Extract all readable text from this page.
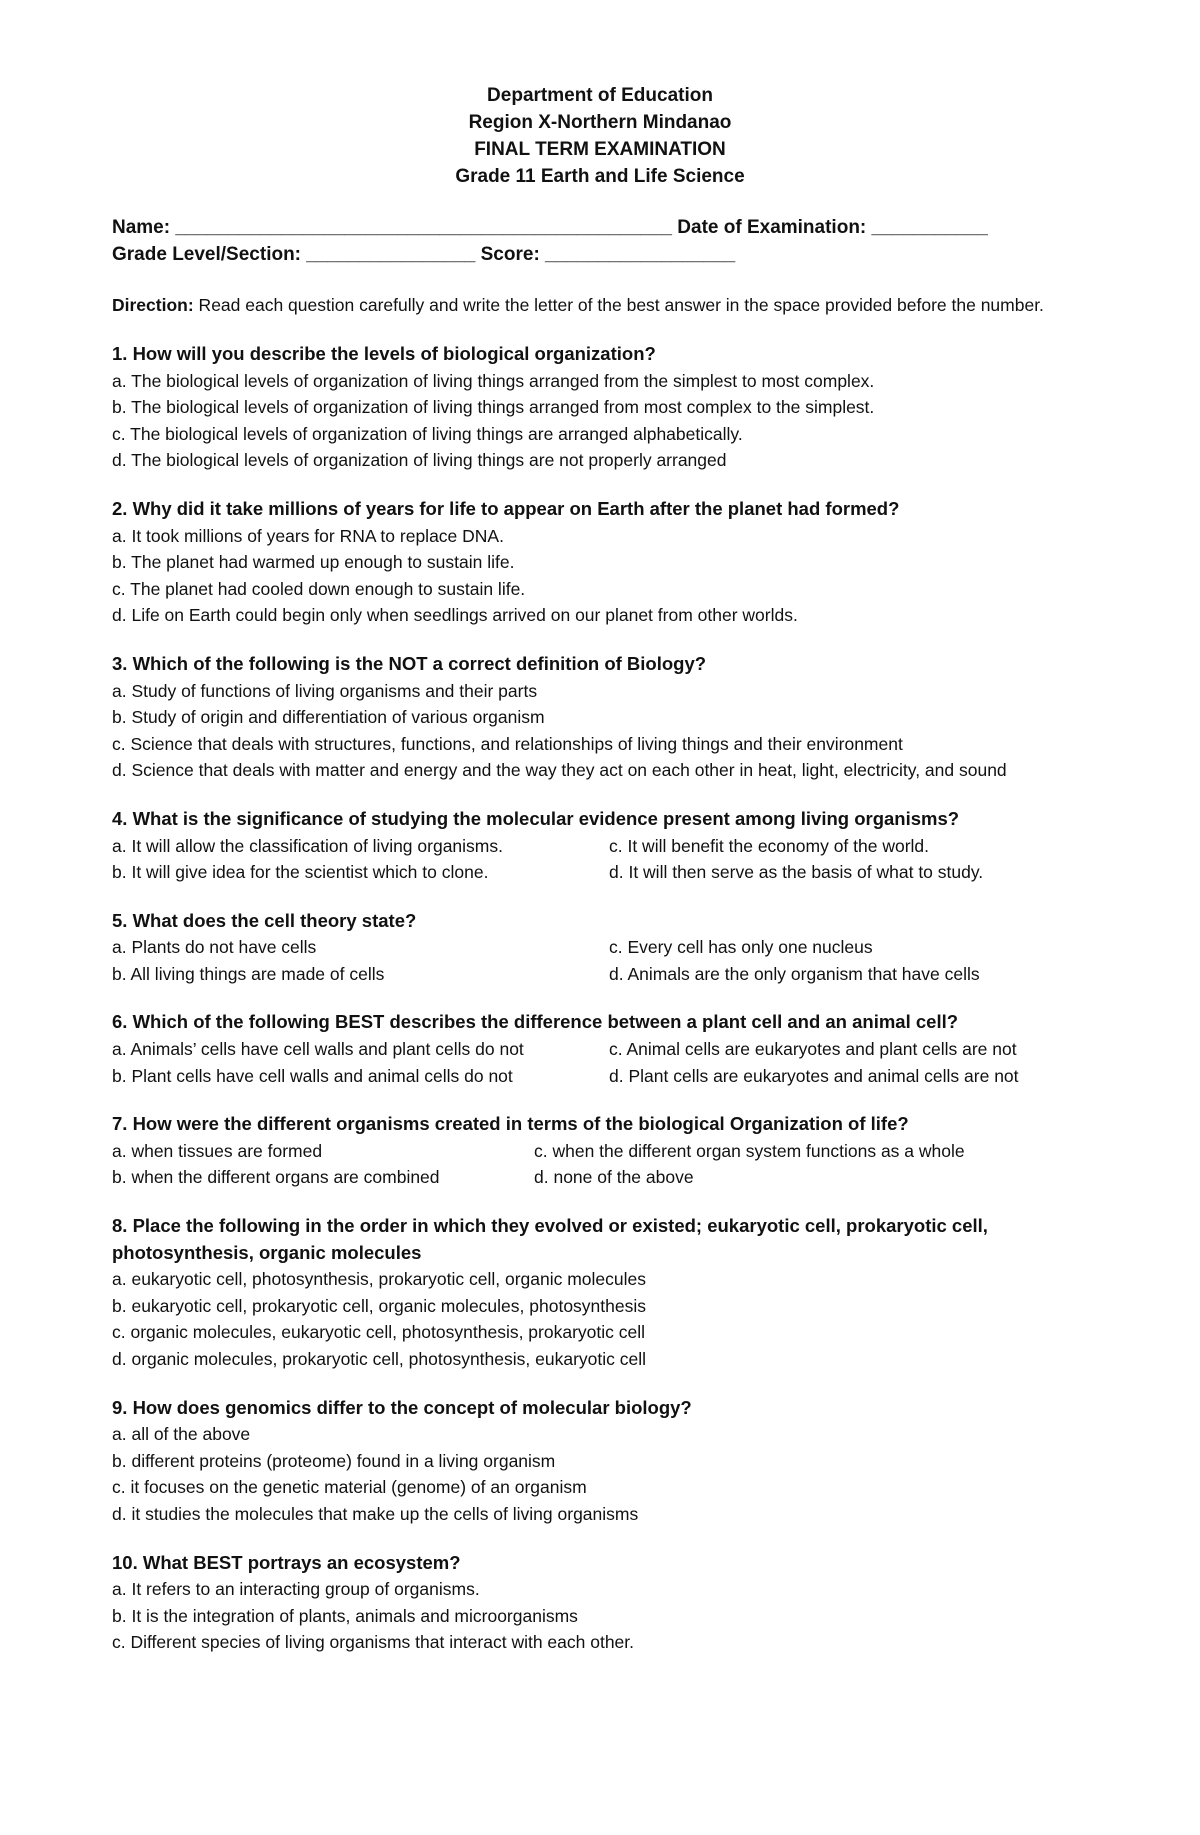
Department of Education
Region X-Northern Mindanao
FINAL TERM EXAMINATION
Grade 11 Earth and Life Science
Name: _______________________________________________ Date of Examination: ___________
Grade Level/Section: ________________ Score: __________________
Direction: Read each question carefully and write the letter of the best answer in the space provided before the number.
1. How will you describe the levels of biological organization?
a. The biological levels of organization of living things arranged from the simplest to most complex.
b. The biological levels of organization of living things arranged from most complex to the simplest.
c. The biological levels of organization of living things are arranged alphabetically.
d. The biological levels of organization of living things are not properly arranged
2. Why did it take millions of years for life to appear on Earth after the planet had formed?
a. It took millions of years for RNA to replace DNA.
b. The planet had warmed up enough to sustain life.
c. The planet had cooled down enough to sustain life.
d. Life on Earth could begin only when seedlings arrived on our planet from other worlds.
3. Which of the following is the NOT a correct definition of Biology?
a. Study of functions of living organisms and their parts
b. Study of origin and differentiation of various organism
c. Science that deals with structures, functions, and relationships of living things and their environment
d. Science that deals with matter and energy and the way they act on each other in heat, light, electricity, and sound
4. What is the significance of studying the molecular evidence present among living organisms?
a. It will allow the classification of living organisms.	c. It will benefit the economy of the world.
b. It will give idea for the scientist which to clone.	d. It will then serve as the basis of what to study.
5. What does the cell theory state?
a. Plants do not have cells	c. Every cell has only one nucleus
b. All living things are made of cells	d. Animals are the only organism that have cells
6. Which of the following BEST describes the difference between a plant cell and an animal cell?
a. Animals’ cells have cell walls and plant cells do not	c. Animal cells are eukaryotes and plant cells are not
b. Plant cells have cell walls and animal cells do not	d. Plant cells are eukaryotes and animal cells are not
7. How were the different organisms created in terms of the biological Organization of life?
a. when tissues are formed	c. when the different organ system functions as a whole
b. when the different organs are combined	d. none of the above
8. Place the following in the order in which they evolved or existed; eukaryotic cell, prokaryotic cell, photosynthesis, organic molecules
a. eukaryotic cell, photosynthesis, prokaryotic cell, organic molecules
b. eukaryotic cell, prokaryotic cell, organic molecules, photosynthesis
c. organic molecules, eukaryotic cell, photosynthesis, prokaryotic cell
d. organic molecules, prokaryotic cell, photosynthesis, eukaryotic cell
9. How does genomics differ to the concept of molecular biology?
a. all of the above
b. different proteins (proteome) found in a living organism
c. it focuses on the genetic material (genome) of an organism
d. it studies the molecules that make up the cells of living organisms
10. What BEST portrays an ecosystem?
a. It refers to an interacting group of organisms.
b. It is the integration of plants, animals and microorganisms
c. Different species of living organisms that interact with each other.
